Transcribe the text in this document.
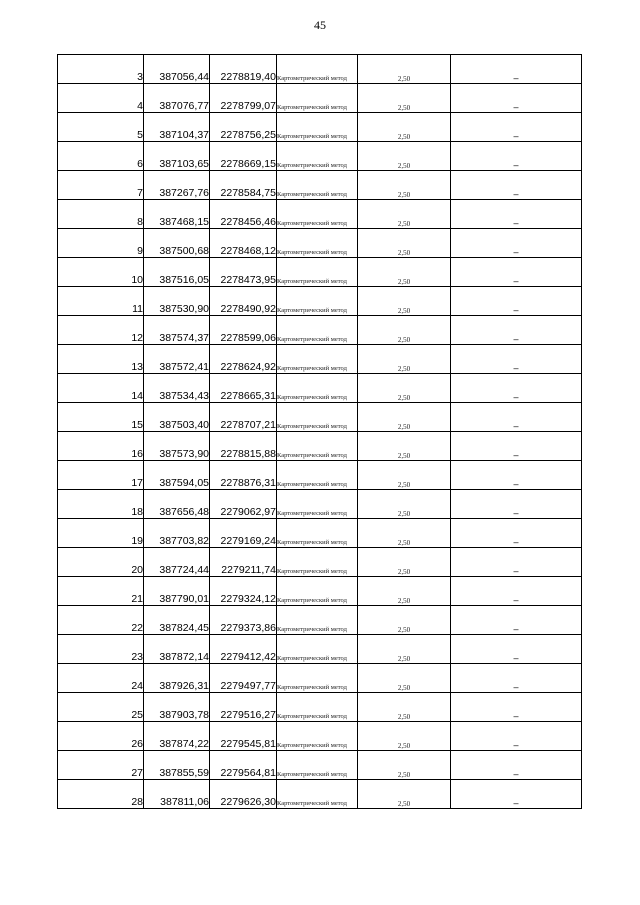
45
3	387056,44	2278819,40	Картометрический метод	2,50	–
4	387076,77	2278799,07	Картометрический метод	2,50	–
5	387104,37	2278756,25	Картометрический метод	2,50	–
6	387103,65	2278669,15	Картометрический метод	2,50	–
7	387267,76	2278584,75	Картометрический метод	2,50	–
8	387468,15	2278456,46	Картометрический метод	2,50	–
9	387500,68	2278468,12	Картометрический метод	2,50	–
10	387516,05	2278473,95	Картометрический метод	2,50	–
11	387530,90	2278490,92	Картометрический метод	2,50	–
12	387574,37	2278599,06	Картометрический метод	2,50	–
13	387572,41	2278624,92	Картометрический метод	2,50	–
14	387534,43	2278665,31	Картометрический метод	2,50	–
15	387503,40	2278707,21	Картометрический метод	2,50	–
16	387573,90	2278815,88	Картометрический метод	2,50	–
17	387594,05	2278876,31	Картометрический метод	2,50	–
18	387656,48	2279062,97	Картометрический метод	2,50	–
19	387703,82	2279169,24	Картометрический метод	2,50	–
20	387724,44	2279211,74	Картометрический метод	2,50	–
21	387790,01	2279324,12	Картометрический метод	2,50	–
22	387824,45	2279373,86	Картометрический метод	2,50	–
23	387872,14	2279412,42	Картометрический метод	2,50	–
24	387926,31	2279497,77	Картометрический метод	2,50	–
25	387903,78	2279516,27	Картометрический метод	2,50	–
26	387874,22	2279545,81	Картометрический метод	2,50	–
27	387855,59	2279564,81	Картометрический метод	2,50	–
28	387811,06	2279626,30	Картометрический метод	2,50	–
